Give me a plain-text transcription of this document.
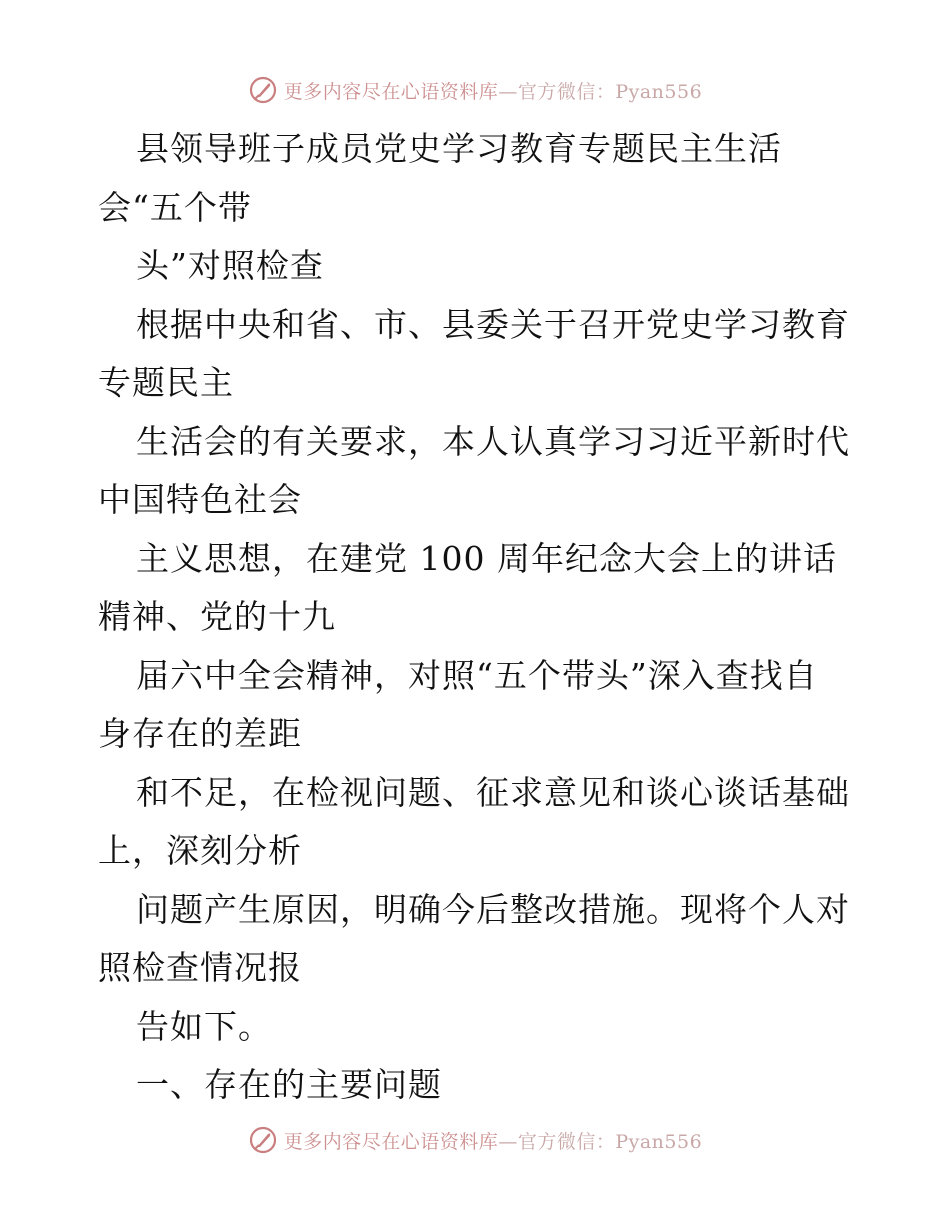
更多内容尽在心语资料库—官方微信：Pyan556
县领导班子成员党史学习教育专题民主生活
会“五个带
头”对照检查
根据中央和省、市、县委关于召开党史学习教育
专题民主
生活会的有关要求，本人认真学习习近平新时代
中国特色社会
主义思想，在建党 100 周年纪念大会上的讲话
精神、党的十九
届六中全会精神，对照“五个带头”深入查找自
身存在的差距
和不足，在检视问题、征求意见和谈心谈话基础
上，深刻分析
问题产生原因，明确今后整改措施。现将个人对
照检查情况报
告如下。
一、存在的主要问题
更多内容尽在心语资料库—官方微信：Pyan556
